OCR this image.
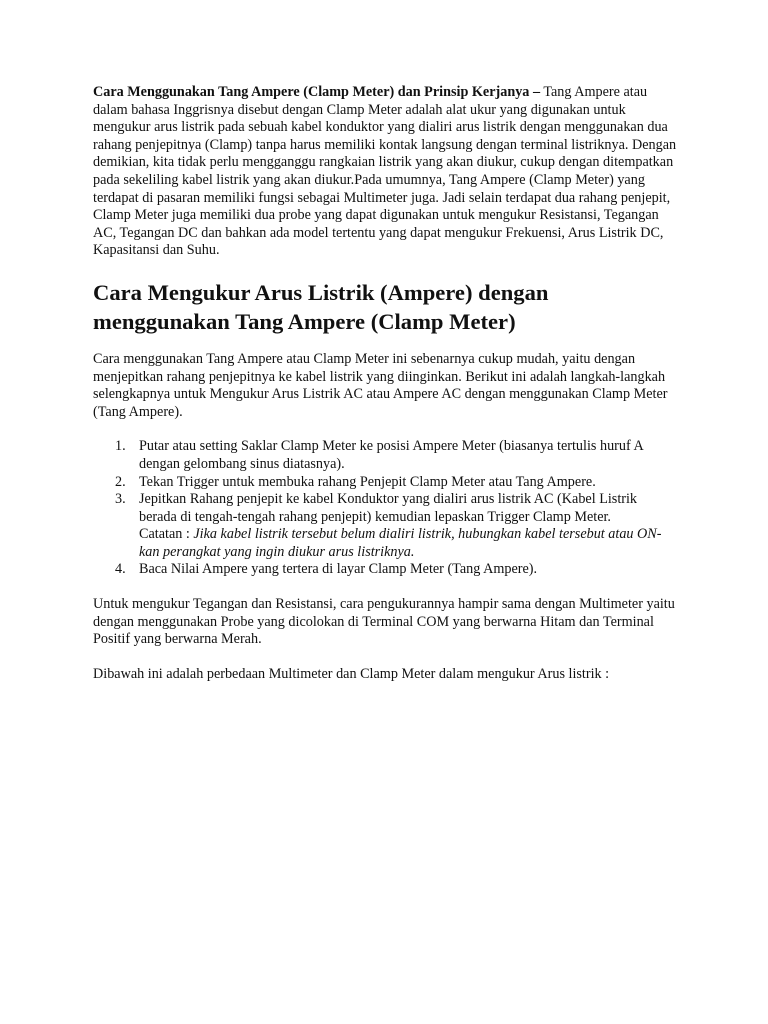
Cara Menggunakan Tang Ampere (Clamp Meter) dan Prinsip Kerjanya – Tang Ampere atau dalam bahasa Inggrisnya disebut dengan Clamp Meter adalah alat ukur yang digunakan untuk mengukur arus listrik pada sebuah kabel konduktor yang dialiri arus listrik dengan menggunakan dua rahang penjepitnya (Clamp) tanpa harus memiliki kontak langsung dengan terminal listriknya. Dengan demikian, kita tidak perlu mengganggu rangkaian listrik yang akan diukur, cukup dengan ditempatkan pada sekeliling kabel listrik yang akan diukur.Pada umumnya, Tang Ampere (Clamp Meter) yang terdapat di pasaran memiliki fungsi sebagai Multimeter juga. Jadi selain terdapat dua rahang penjepit, Clamp Meter juga memiliki dua probe yang dapat digunakan untuk mengukur Resistansi, Tegangan AC, Tegangan DC dan bahkan ada model tertentu yang dapat mengukur Frekuensi, Arus Listrik DC, Kapasitansi dan Suhu.

Cara Mengukur Arus Listrik (Ampere) dengan menggunakan Tang Ampere (Clamp Meter)

Cara menggunakan Tang Ampere atau Clamp Meter ini sebenarnya cukup mudah, yaitu dengan menjepitkan rahang penjepitnya ke kabel listrik yang diinginkan. Berikut ini adalah langkah-langkah selengkapnya untuk Mengukur Arus Listrik AC atau Ampere AC dengan menggunakan Clamp Meter (Tang Ampere).

1. Putar atau setting Saklar Clamp Meter ke posisi Ampere Meter (biasanya tertulis huruf A dengan gelombang sinus diatasnya).
2. Tekan Trigger untuk membuka rahang Penjepit Clamp Meter atau Tang Ampere.
3. Jepitkan Rahang penjepit ke kabel Konduktor yang dialiri arus listrik AC (Kabel Listrik berada di tengah-tengah rahang penjepit) kemudian lepaskan Trigger Clamp Meter.
Catatan : Jika kabel listrik tersebut belum dialiri listrik, hubungkan kabel tersebut atau ON-kan perangkat yang ingin diukur arus listriknya.
4. Baca Nilai Ampere yang tertera di layar Clamp Meter (Tang Ampere).

Untuk mengukur Tegangan dan Resistansi, cara pengukurannya hampir sama dengan Multimeter yaitu dengan menggunakan Probe yang dicolokan di Terminal COM yang berwarna Hitam dan Terminal Positif yang berwarna Merah.

Dibawah ini adalah perbedaan Multimeter dan Clamp Meter dalam mengukur Arus listrik :
